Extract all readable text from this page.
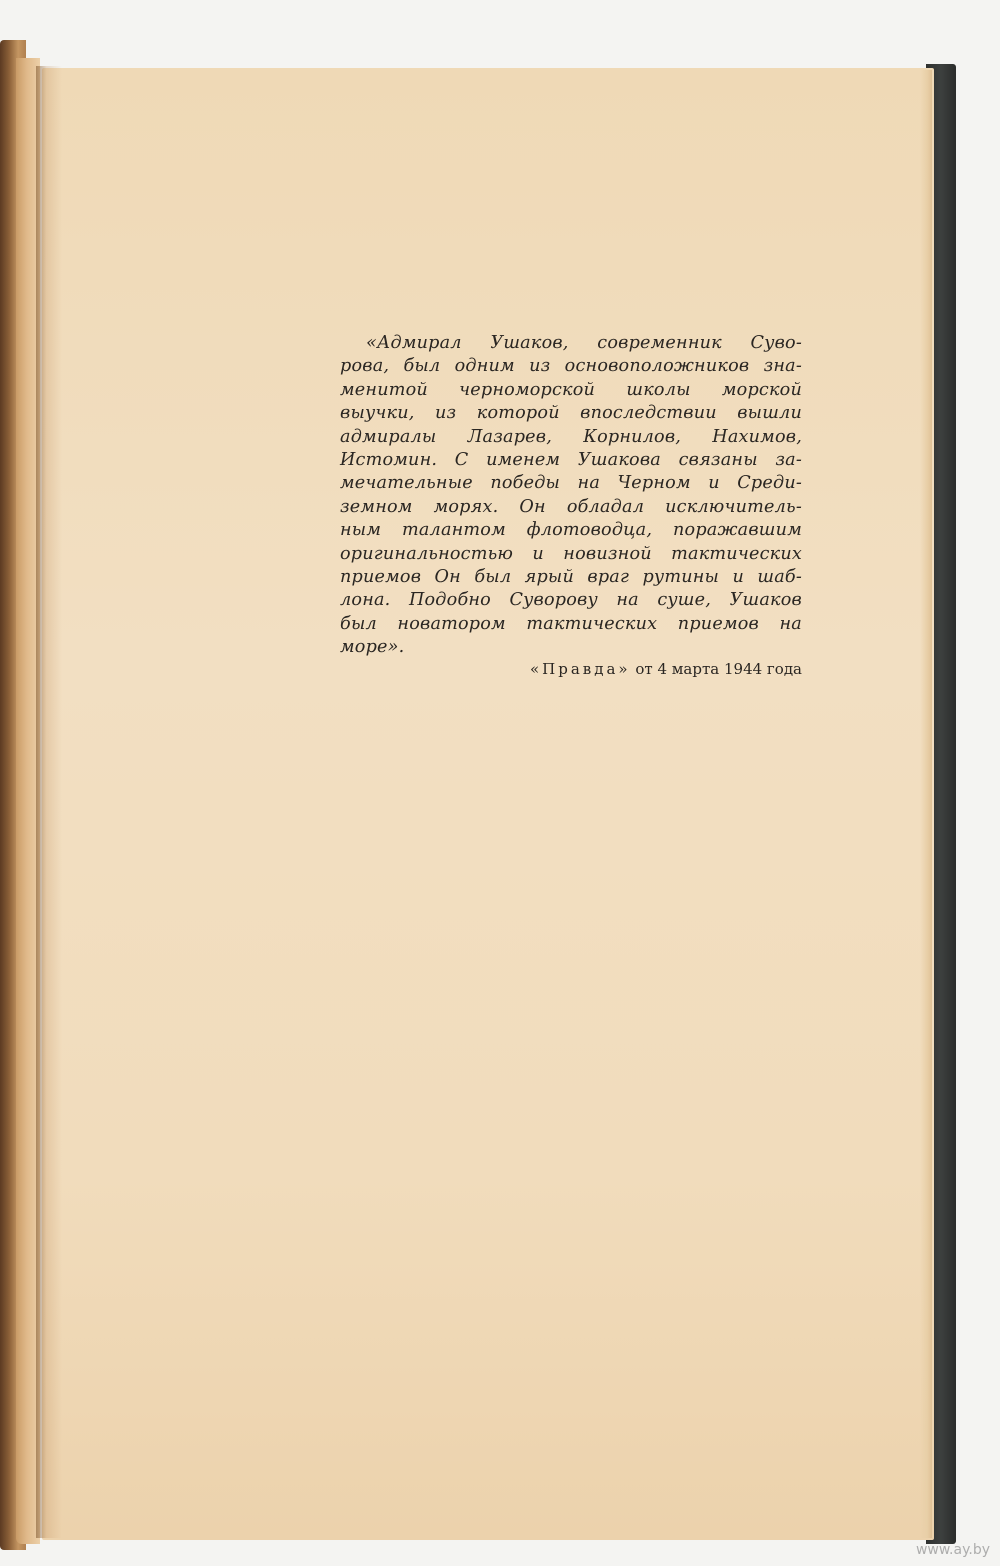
«Адмирал Ушаков, современник Суво-
рова, был одним из основоположников зна-
менитой черноморской школы морской
выучки, из которой впоследствии вышли
адмиралы Лазарев, Корнилов, Нахимов,
Истомин. С именем Ушакова связаны за-
мечательные победы на Черном и Среди-
земном морях. Он обладал исключитель-
ным талантом флотоводца, поражавшим
оригинальностью и новизной тактических
приемов Он был ярый враг рутины и шаб-
лона. Подобно Суворову на суше, Ушаков
был новатором тактических приемов на
море».
«Правда» от 4 марта 1944 года
www.ay.by
